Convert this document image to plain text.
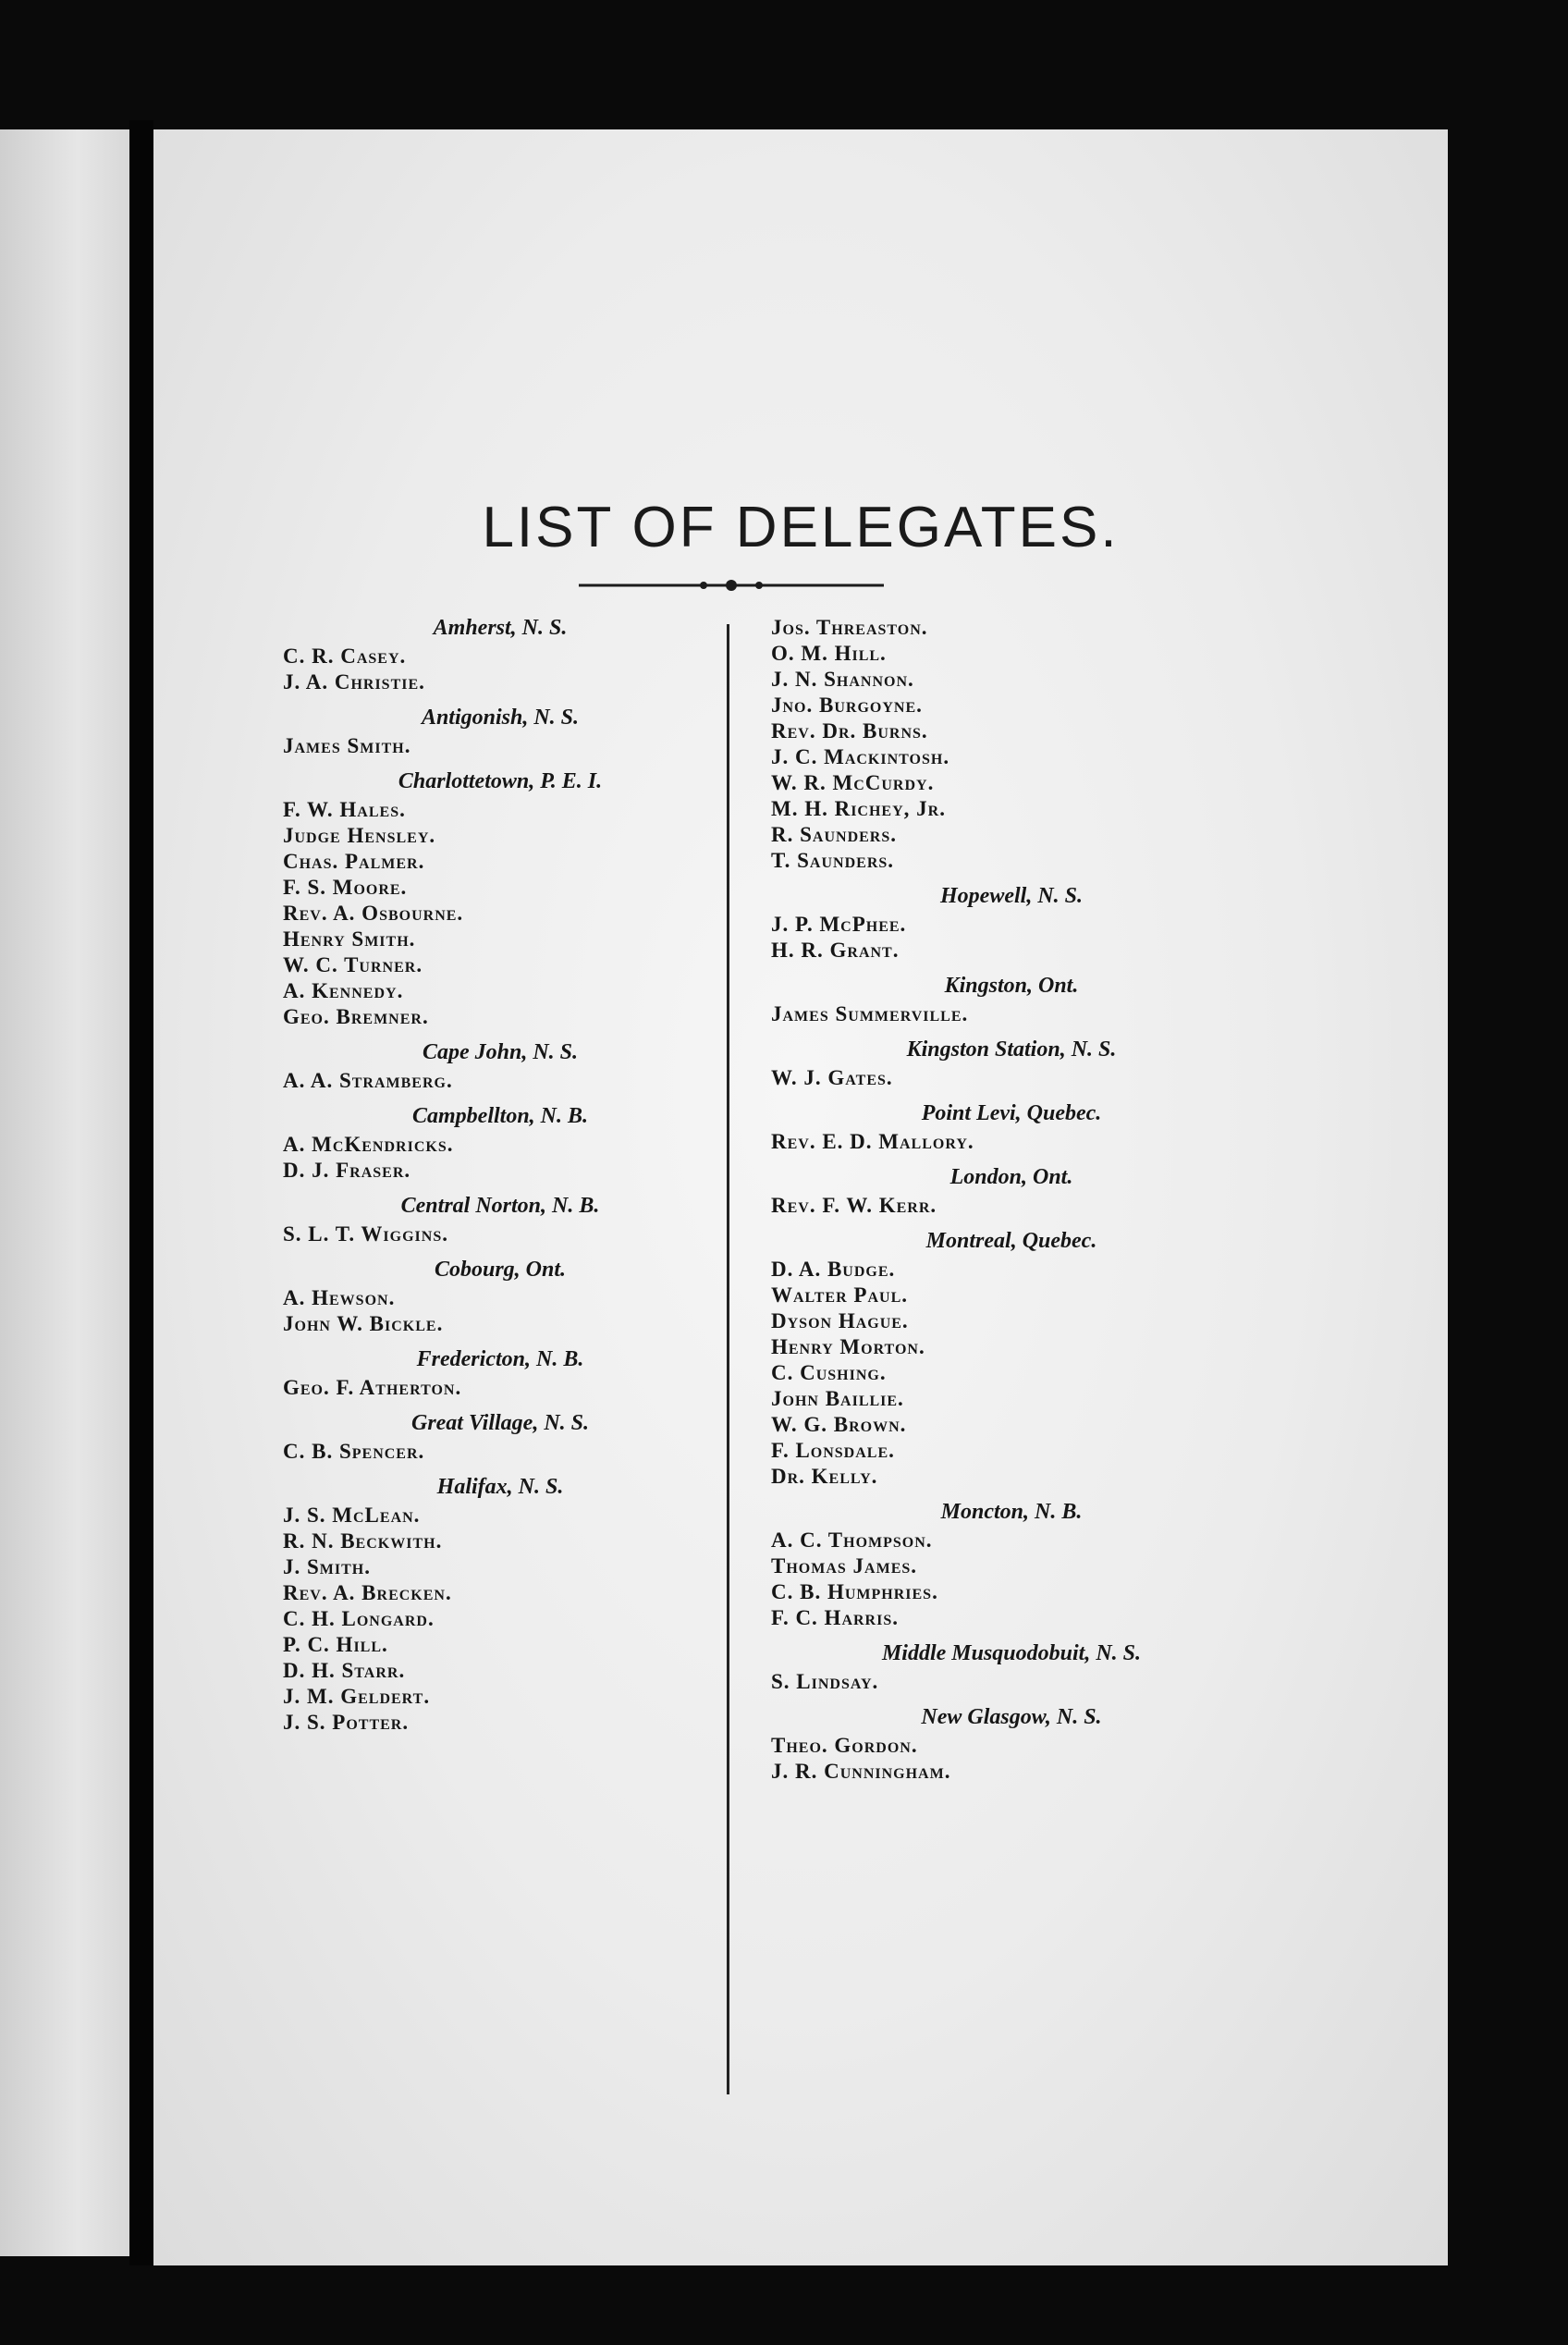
LIST OF DELEGATES.
Amherst, N. S.
C. R. Casey.
J. A. Christie.
Antigonish, N. S.
James Smith.
Charlottetown, P. E. I.
F. W. Hales.
Judge Hensley.
Chas. Palmer.
F. S. Moore.
Rev. A. Osbourne.
Henry Smith.
W. C. Turner.
A. Kennedy.
Geo. Bremner.
Cape John, N. S.
A. A. Stramberg.
Campbellton, N. B.
A. McKendricks.
D. J. Fraser.
Central Norton, N. B.
S. L. T. Wiggins.
Cobourg, Ont.
A. Hewson.
John W. Bickle.
Fredericton, N. B.
Geo. F. Atherton.
Great Village, N. S.
C. B. Spencer.
Halifax, N. S.
J. S. McLean.
R. N. Beckwith.
J. Smith.
Rev. A. Brecken.
C. H. Longard.
P. C. Hill.
D. H. Starr.
J. M. Geldert.
J. S. Potter.
Jos. Threaston.
O. M. Hill.
J. N. Shannon.
Jno. Burgoyne.
Rev. Dr. Burns.
J. C. Mackintosh.
W. R. McCurdy.
M. H. Richey, Jr.
R. Saunders.
T. Saunders.
Hopewell, N. S.
J. P. McPhee.
H. R. Grant.
Kingston, Ont.
James Summerville.
Kingston Station, N. S.
W. J. Gates.
Point Levi, Quebec.
Rev. E. D. Mallory.
London, Ont.
Rev. F. W. Kerr.
Montreal, Quebec.
D. A. Budge.
Walter Paul.
Dyson Hague.
Henry Morton.
C. Cushing.
John Baillie.
W. G. Brown.
F. Lonsdale.
Dr. Kelly.
Moncton, N. B.
A. C. Thompson.
Thomas James.
C. B. Humphries.
F. C. Harris.
Middle Musquodobuit, N. S.
S. Lindsay.
New Glasgow, N. S.
Theo. Gordon.
J. R. Cunningham.
